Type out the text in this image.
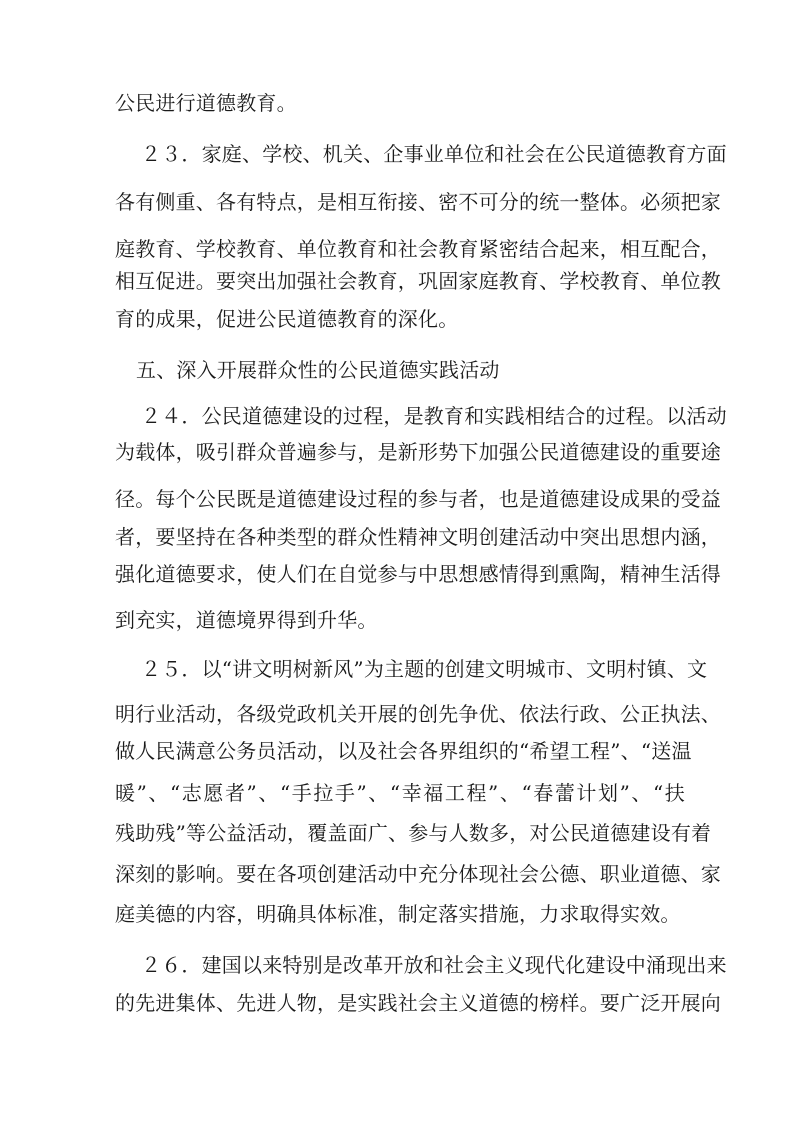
公民进行道德教育。
２３．家庭、学校、机关、企事业单位和社会在公民道德教育方面
各有侧重、各有特点，是相互衔接、密不可分的统一整体。必须把家
庭教育、学校教育、单位教育和社会教育紧密结合起来，相互配合，
相互促进。要突出加强社会教育，巩固家庭教育、学校教育、单位教
育的成果，促进公民道德教育的深化。
五、深入开展群众性的公民道德实践活动
２４．公民道德建设的过程，是教育和实践相结合的过程。以活动
为载体，吸引群众普遍参与，是新形势下加强公民道德建设的重要途
径。每个公民既是道德建设过程的参与者，也是道德建设成果的受益
者，要坚持在各种类型的群众性精神文明创建活动中突出思想内涵，
强化道德要求，使人们在自觉参与中思想感情得到熏陶，精神生活得
到充实，道德境界得到升华。
２５．以“讲文明树新风”为主题的创建文明城市、文明村镇、文
明行业活动，各级党政机关开展的创先争优、依法行政、公正执法、
做人民满意公务员活动，以及社会各界组织的“希望工程”、“送温
暖”、“志愿者”、“手拉手”、“幸福工程”、“春蕾计划”、“扶
残助残”等公益活动，覆盖面广、参与人数多，对公民道德建设有着
深刻的影响。要在各项创建活动中充分体现社会公德、职业道德、家
庭美德的内容，明确具体标准，制定落实措施，力求取得实效。
２６．建国以来特别是改革开放和社会主义现代化建设中涌现出来
的先进集体、先进人物，是实践社会主义道德的榜样。要广泛开展向
